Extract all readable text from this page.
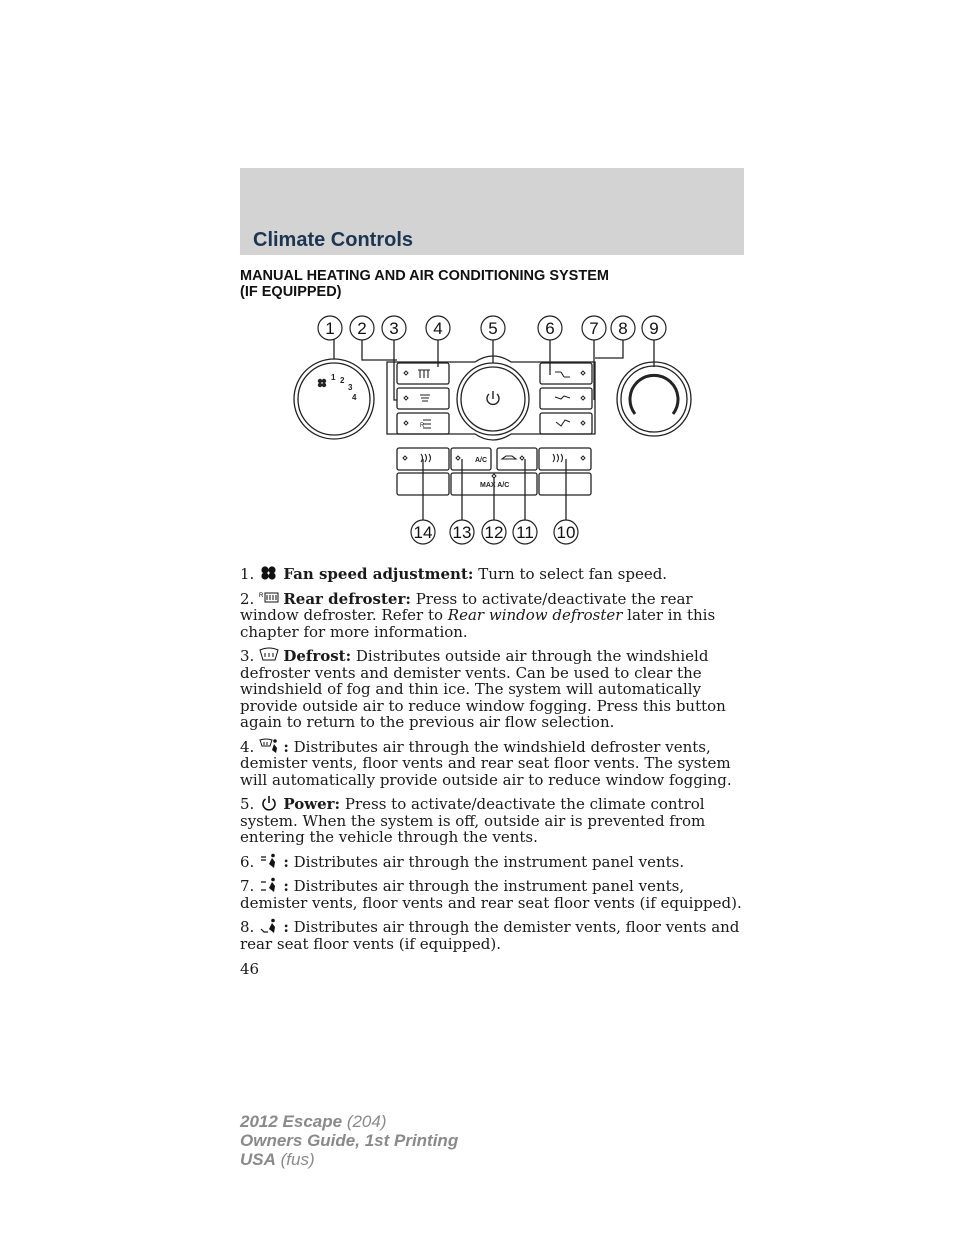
Climate Controls
MANUAL HEATING AND AIR CONDITIONING SYSTEM
(IF EQUIPPED)
R
A/C
MAX A/C
1 2
3
4
1 2 3 4	5	6 7 8 9
14 13 12 11 10

1. Fan speed adjustment: Turn to select fan speed.

2. R Rear defroster: Press to activate/deactivate the rear window defroster. Refer to Rear window defroster later in this chapter for more information.

3. Defrost: Distributes outside air through the windshield defroster vents and demister vents. Can be used to clear the windshield of fog and thin ice. The system will automatically provide outside air to reduce window fogging. Press this button again to return to the previous air flow selection.

4. : Distributes air through the windshield defroster vents, demister vents, floor vents and rear seat floor vents. The system will automatically provide outside air to reduce window fogging.

5. Power: Press to activate/deactivate the climate control system. When the system is off, outside air is prevented from entering the vehicle through the vents.

6. : Distributes air through the instrument panel vents.

7. : Distributes air through the instrument panel vents, demister vents, floor vents and rear seat floor vents (if equipped).

8. : Distributes air through the demister vents, floor vents and rear seat floor vents (if equipped).

46

2012 Escape (204)
Owners Guide, 1st Printing
USA (fus)
